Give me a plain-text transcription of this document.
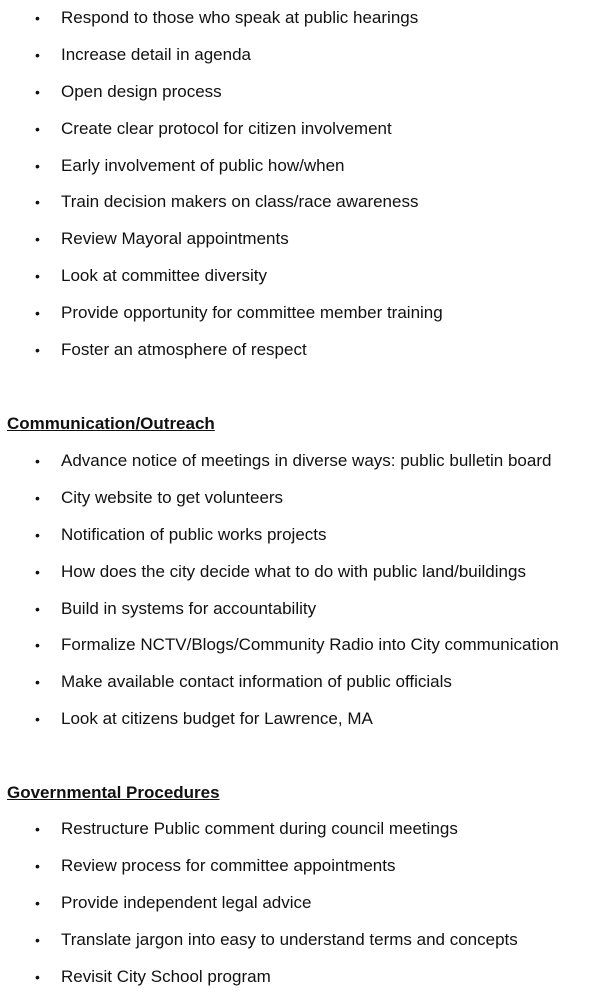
• Respond to those who speak at public hearings
• Increase detail in agenda
• Open design process
• Create clear protocol for citizen involvement
• Early involvement of public how/when
• Train decision makers on class/race awareness
• Review Mayoral appointments
• Look at committee diversity
• Provide opportunity for committee member training
• Foster an atmosphere of respect
Communication/Outreach
• Advance notice of meetings in diverse ways: public bulletin board
• City website to get volunteers
• Notification of public works projects
• How does the city decide what to do with public land/buildings
• Build in systems for accountability
• Formalize NCTV/Blogs/Community Radio into City communication
• Make available contact information of public officials
• Look at citizens budget for Lawrence, MA
Governmental Procedures
• Restructure Public comment during council meetings
• Review process for committee appointments
• Provide independent legal advice
• Translate jargon into easy to understand terms and concepts
• Revisit City School program
